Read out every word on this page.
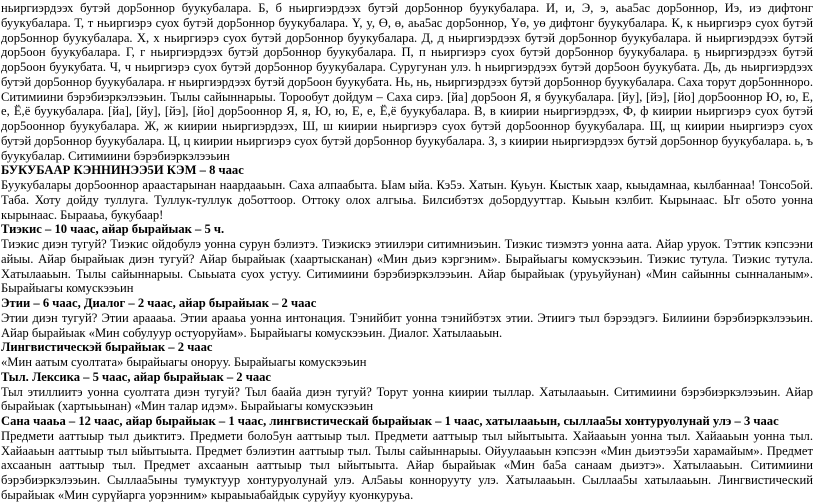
ньиргиэрдээх бутэй дор5оннор буукубалара. Б, б ньиргиэрдээх бутэй дор5оннор буукубалара. И, и, Э, э, аьа5ас дор5оннор, Иэ, иэ дифтонг буукубалара. Т, т ньиргиэрэ суох бутэй дор5оннор буукубалара. Y, y, Ө, ө, аьа5ас дор5оннор, Yө, уө дифтонг буукубалара. К, к ньиргиэрэ суох бутэй дор5оннор буукубалара. Х, х ньиргиэрэ суох бутэй дор5оннор буукубалара. Д, д ньиргиэрдээх бутэй дор5оннор буукубалара. й ньиргиэрдээх бутэй дор5оон буукубалара. Г, г ньиргиэрдээх бутэй дор5оннор буукубалара. П, п ньиргиэрэ суох бутэй дор5оннор буукубалара. ҕ ньиргиэрдээх бутэй дор5оон буукубата. Ч, ч ньиргиэрэ суох бутэй дор5оннор буукубалара. Суругунан улэ. һ ньиргиэрдээх бутэй дор5оон буукубата. Дь, дь ньиргиэрдээх бутэй дор5оннор буукубалара. ҥ ньиргиэрдээх бутэй дор5оон буукубата. Нь, нь, ньиргиэрдээх бутэй дор5оннор буукубалара. Саха торут дор5оннноро. Ситимиини бэрэбиэркэлээьин. Тылы сайыннарыы. Торообут дойдум – Саха сирэ. [йа] дор5оон Я, я буукубалара. [йу], [йэ], [йо] дор5ооннор Ю, ю, Е, е, Ё,ё буукубалара. [йа], [йу], [йэ], [йо] дор5ооннор Я, я, Ю, ю, Е, е, Ё,ё буукубалара. В, в киирии ньиргиэрдээх, Ф, ф киирии ньиргиэрэ суох бутэй дор5ооннор буукубалара. Ж, ж киирии ньиргиэрдээх, Ш, ш киирии ньиргиэрэ суох бутэй дор5ооннор буукубалара. Щ, щ киирии ньиргиэрэ суох бутэй дор5оннор буукубалара. Ц, ц киирии ньиргиэрэ суох бутэй дор5оннор буукубалара. З, з киирии ньиргиэрдээх бутэй дор5оннор буукубалара. ь, ъ буукубалар. Ситимиини бэрэбиэркэлээьин

БУКУБААР КЭННИНЭЭ5И КЭМ – 8 чаас

Буукубалары дор5ооннор араастарынан наардааьын. Саха алпаабыта. Ыам ыйа. Кэ5э. Хатын. Куьун. Кыстык хаар, кыыдамнаа, кылбаннаа! Тонсо5ой. Таба. Хоту дойду туллуга. Туллук-туллук до5оттоор. Оттоку олох алгыьа. Билсибэтэх до5ордууттар. Кыьын кэлбит. Кырынаас. Ыт о5ото уонна кырынаас. Бырааьа, букубаар!

Тиэкис – 10 чаас, айар бырайыак – 5 ч.

Тиэкис диэн тугуй? Тиэкис ойдобулэ уонна сурун бэлиэтэ. Тиэкискэ этиилэри ситимниэьин. Тиэкис тиэмэтэ уонна аата. Айар уруок. Тэттик кэпсээни айыы. Айар бырайыак диэн тугуй? Айар бырайыак (хаартысканан) «Мин дьиэ кэргэним». Бырайыагы комускээьин. Тиэкис тутула. Тиэкис тутула. Хатылааьын. Тылы сайыннарыы. Сыьыата суох устуу. Ситимиини бэрэбиэркэлээьин. Айар бырайыак (уруьуйунан) «Мин сайынны сынналаным». Бырайыагы комускээьин

Этии – 6 чаас, Диалог – 2 чаас, айар бырайыак – 2 чаас

Этии диэн тугуй? Этии араааьа. Этии арааьа уонна интонация. Тэнийбит уонна тэнийбэтэх этии. Этиигэ тыл бэрээдэгэ. Билиини бэрэбиэркэлээьин. Айар бырайыак «Мин собулуур остуоруйам». Бырайыагы комускээьин. Диалог. Хатылааьын.

Лингвистическэй бырайыак – 2 чаас

«Мин аатым суолтата» бырайыагы оноруу. Бырайыагы комускээьин

Тыл. Лексика – 5 чаас, айар бырайыак – 2 чаас

Тыл этиллиитэ уонна суолтата диэн тугуй? Тыл баайа диэн тугуй? Торут уонна киирии тыллар. Хатылааьын. Ситимиини бэрэбиэркэлээьин. Айар бырайыак (хартыьынан) «Мин талар идэм». Бырайыагы комускээьин

Сана чааьа – 12 чаас, айар бырайыак – 1 чаас, лингвистическай бырайыак – 1 чаас, хатылааьын, сыллаа5ы хонтуруолунай улэ – 3 чаас

Предмети ааттыыр тыл дьиктитэ. Предмети боло5ун ааттыыр тыл. Предмети ааттыыр тыл ыйытыыта. Хайааьын уонна тыл. Хайааьын уонна тыл. Хайааьын ааттыыр тыл ыйытыыта. Предмет бэлиэтин ааттыыр тыл. Тылы сайыннарыы. Ойуулааьын кэпсээн «Мин дьиэтээ5и харамайым». Предмет ахсаанын ааттыыр тыл. Предмет ахсаанын ааттыыр тыл ыйытыыта. Айар бырайыак «Мин ба5а санаам дьиэтэ». Хатылааьын. Ситимиини бэрэбиэркэлээьин. Сыллаа5ыны тумуктуур хонтуруолунай улэ. Ал5аьы коннорууту улэ. Хатылааьын. Сыллаа5ы хатылааьын. Лингвистический бырайыак «Мин сурүйарга уорэнним» кыраыыабайдык суруйуу куонкуруьа.
